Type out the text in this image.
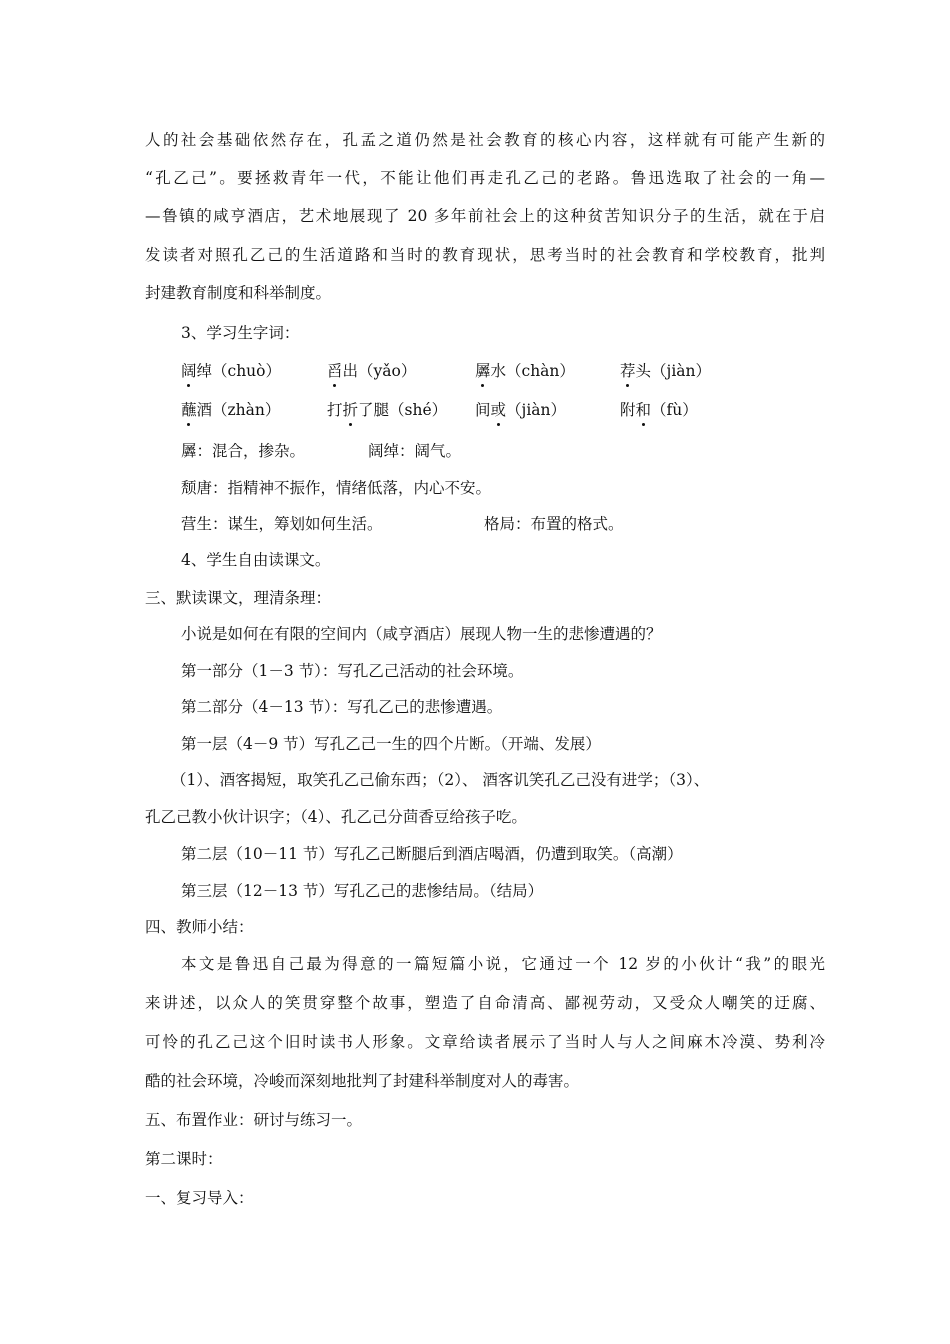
人的社会基础依然存在，孔孟之道仍然是社会教育的核心内容，这样就有可能产生新的
“孔乙己”。要拯救青年一代，不能让他们再走孔乙己的老路。鲁迅选取了社会的一角—
—鲁镇的咸亨酒店，艺术地展现了 20 多年前社会上的这种贫苦知识分子的生活，就在于启
发读者对照孔乙己的生活道路和当时的教育现状，思考当时的社会教育和学校教育，批判
封建教育制度和科举制度。
3、学习生字词：
阔绰（chuò）	舀出（yǎo）	羼水（chàn）	荐头（jiàn）
蘸酒（zhàn）	打折了腿（shé） 间或（jiàn）	附和（fù）
羼：混合，掺杂。	阔绰：阔气。
颓唐：指精神不振作，情绪低落，内心不安。
营生：谋生，筹划如何生活。	格局：布置的格式。
4、学生自由读课文。
三、默读课文，理清条理：
小说是如何在有限的空间内（咸亨酒店）展现人物一生的悲惨遭遇的？
第一部分（1－3 节）：写孔乙己活动的社会环境。
第二部分（4－13 节）：写孔乙己的悲惨遭遇。
第一层（4－9 节）写孔乙己一生的四个片断。（开端、发展）
（1）、酒客揭短，取笑孔乙己偷东西；（2）、 酒客讥笑孔乙己没有进学；（3）、
孔乙己教小伙计识字；（4）、孔乙己分茴香豆给孩子吃。
第二层（10－11 节）写孔乙己断腿后到酒店喝酒，仍遭到取笑。（高潮）
第三层（12－13 节）写孔乙己的悲惨结局。（结局）
四、教师小结：
本文是鲁迅自己最为得意的一篇短篇小说，它通过一个 12 岁的小伙计“我”的眼光
来讲述，以众人的笑贯穿整个故事，塑造了自命清高、鄙视劳动，又受众人嘲笑的迂腐、
可怜的孔乙己这个旧时读书人形象。文章给读者展示了当时人与人之间麻木冷漠、势利冷
酷的社会环境，冷峻而深刻地批判了封建科举制度对人的毒害。
五、布置作业：研讨与练习一。
第二课时：
一、复习导入：
